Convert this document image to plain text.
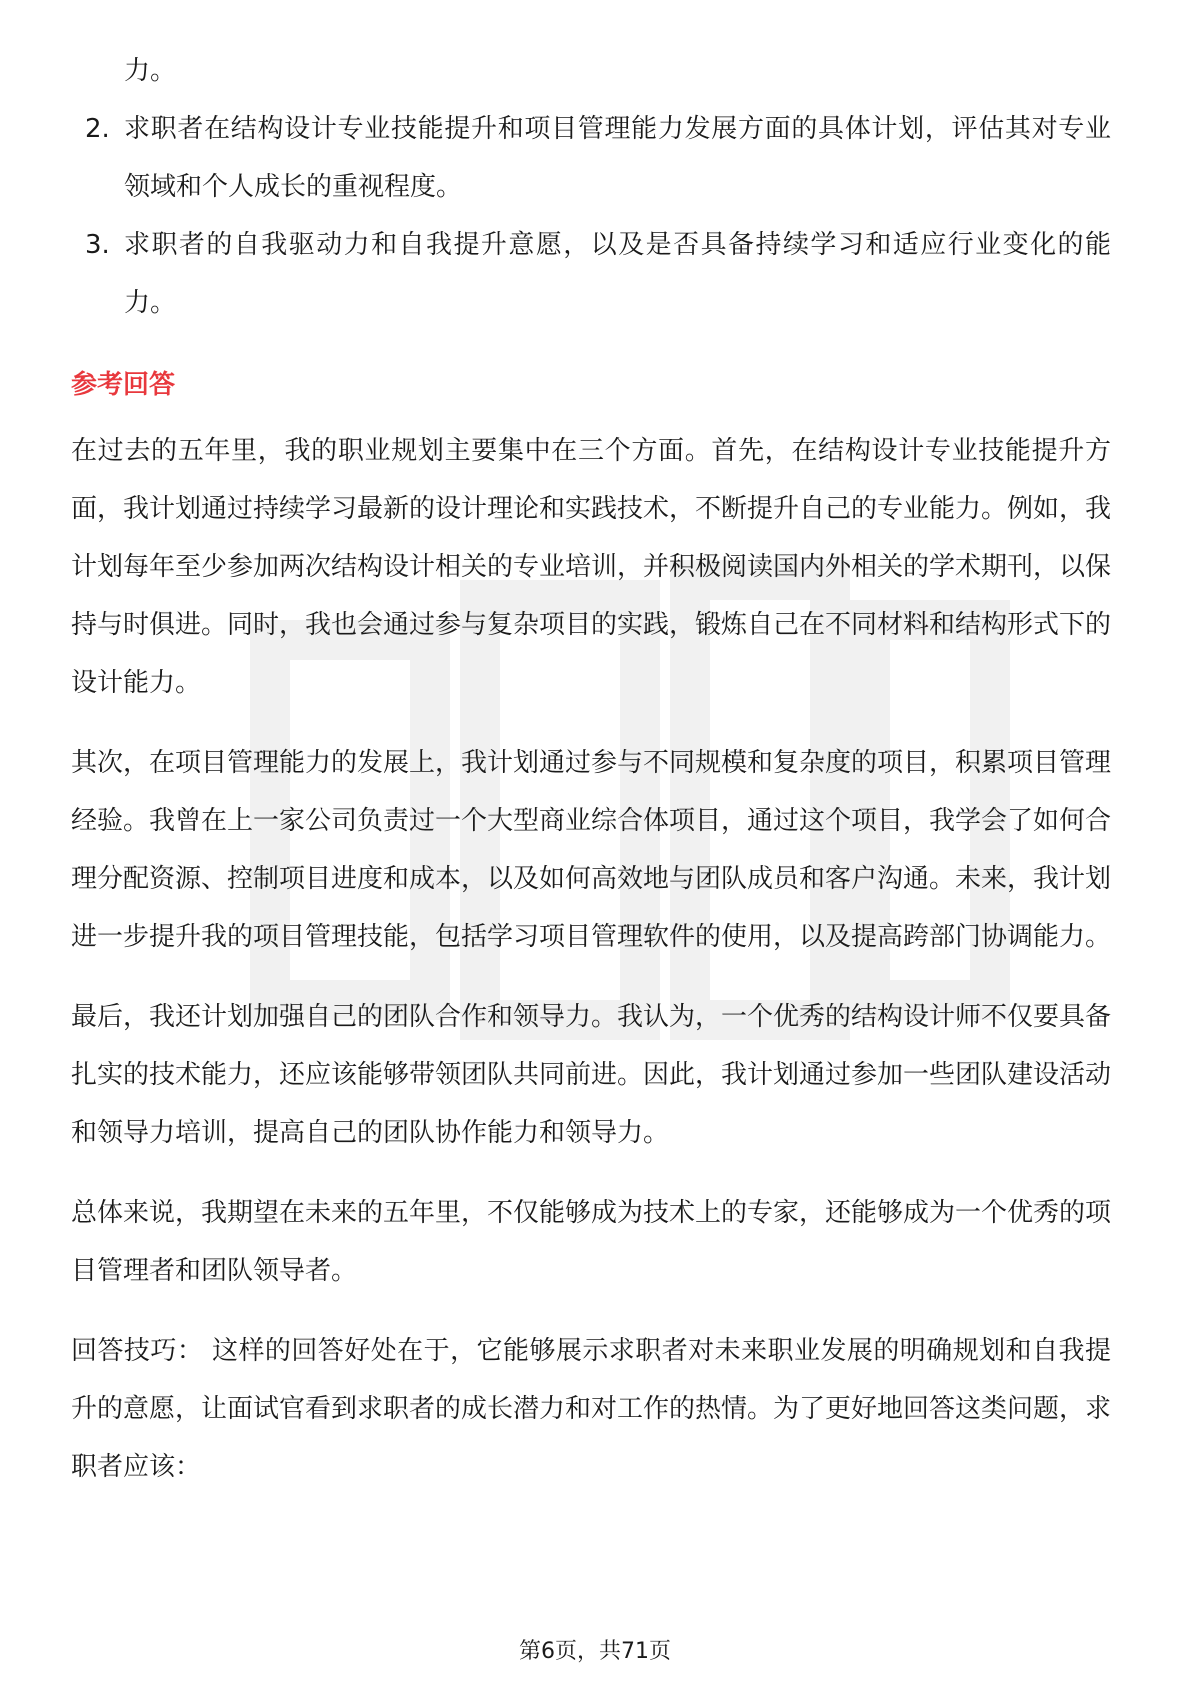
力。
2. 求职者在结构设计专业技能提升和项目管理能力发展方面的具体计划，评估其对专业领域和个人成长的重视程度。
3. 求职者的自我驱动力和自我提升意愿，以及是否具备持续学习和适应行业变化的能力。
参考回答
在过去的五年里，我的职业规划主要集中在三个方面。首先，在结构设计专业技能提升方面，我计划通过持续学习最新的设计理论和实践技术，不断提升自己的专业能力。例如，我计划每年至少参加两次结构设计相关的专业培训，并积极阅读国内外相关的学术期刊，以保持与时俱进。同时，我也会通过参与复杂项目的实践，锻炼自己在不同材料和结构形式下的设计能力。
其次，在项目管理能力的发展上，我计划通过参与不同规模和复杂度的项目，积累项目管理经验。我曾在上一家公司负责过一个大型商业综合体项目，通过这个项目，我学会了如何合理分配资源、控制项目进度和成本，以及如何高效地与团队成员和客户沟通。未来，我计划进一步提升我的项目管理技能，包括学习项目管理软件的使用，以及提高跨部门协调能力。
最后，我还计划加强自己的团队合作和领导力。我认为，一个优秀的结构设计师不仅要具备扎实的技术能力，还应该能够带领团队共同前进。因此，我计划通过参加一些团队建设活动和领导力培训，提高自己的团队协作能力和领导力。
总体来说，我期望在未来的五年里，不仅能够成为技术上的专家，还能够成为一个优秀的项目管理者和团队领导者。
回答技巧： 这样的回答好处在于，它能够展示求职者对未来职业发展的明确规划和自我提升的意愿，让面试官看到求职者的成长潜力和对工作的热情。为了更好地回答这类问题，求职者应该：
第6页，共71页
